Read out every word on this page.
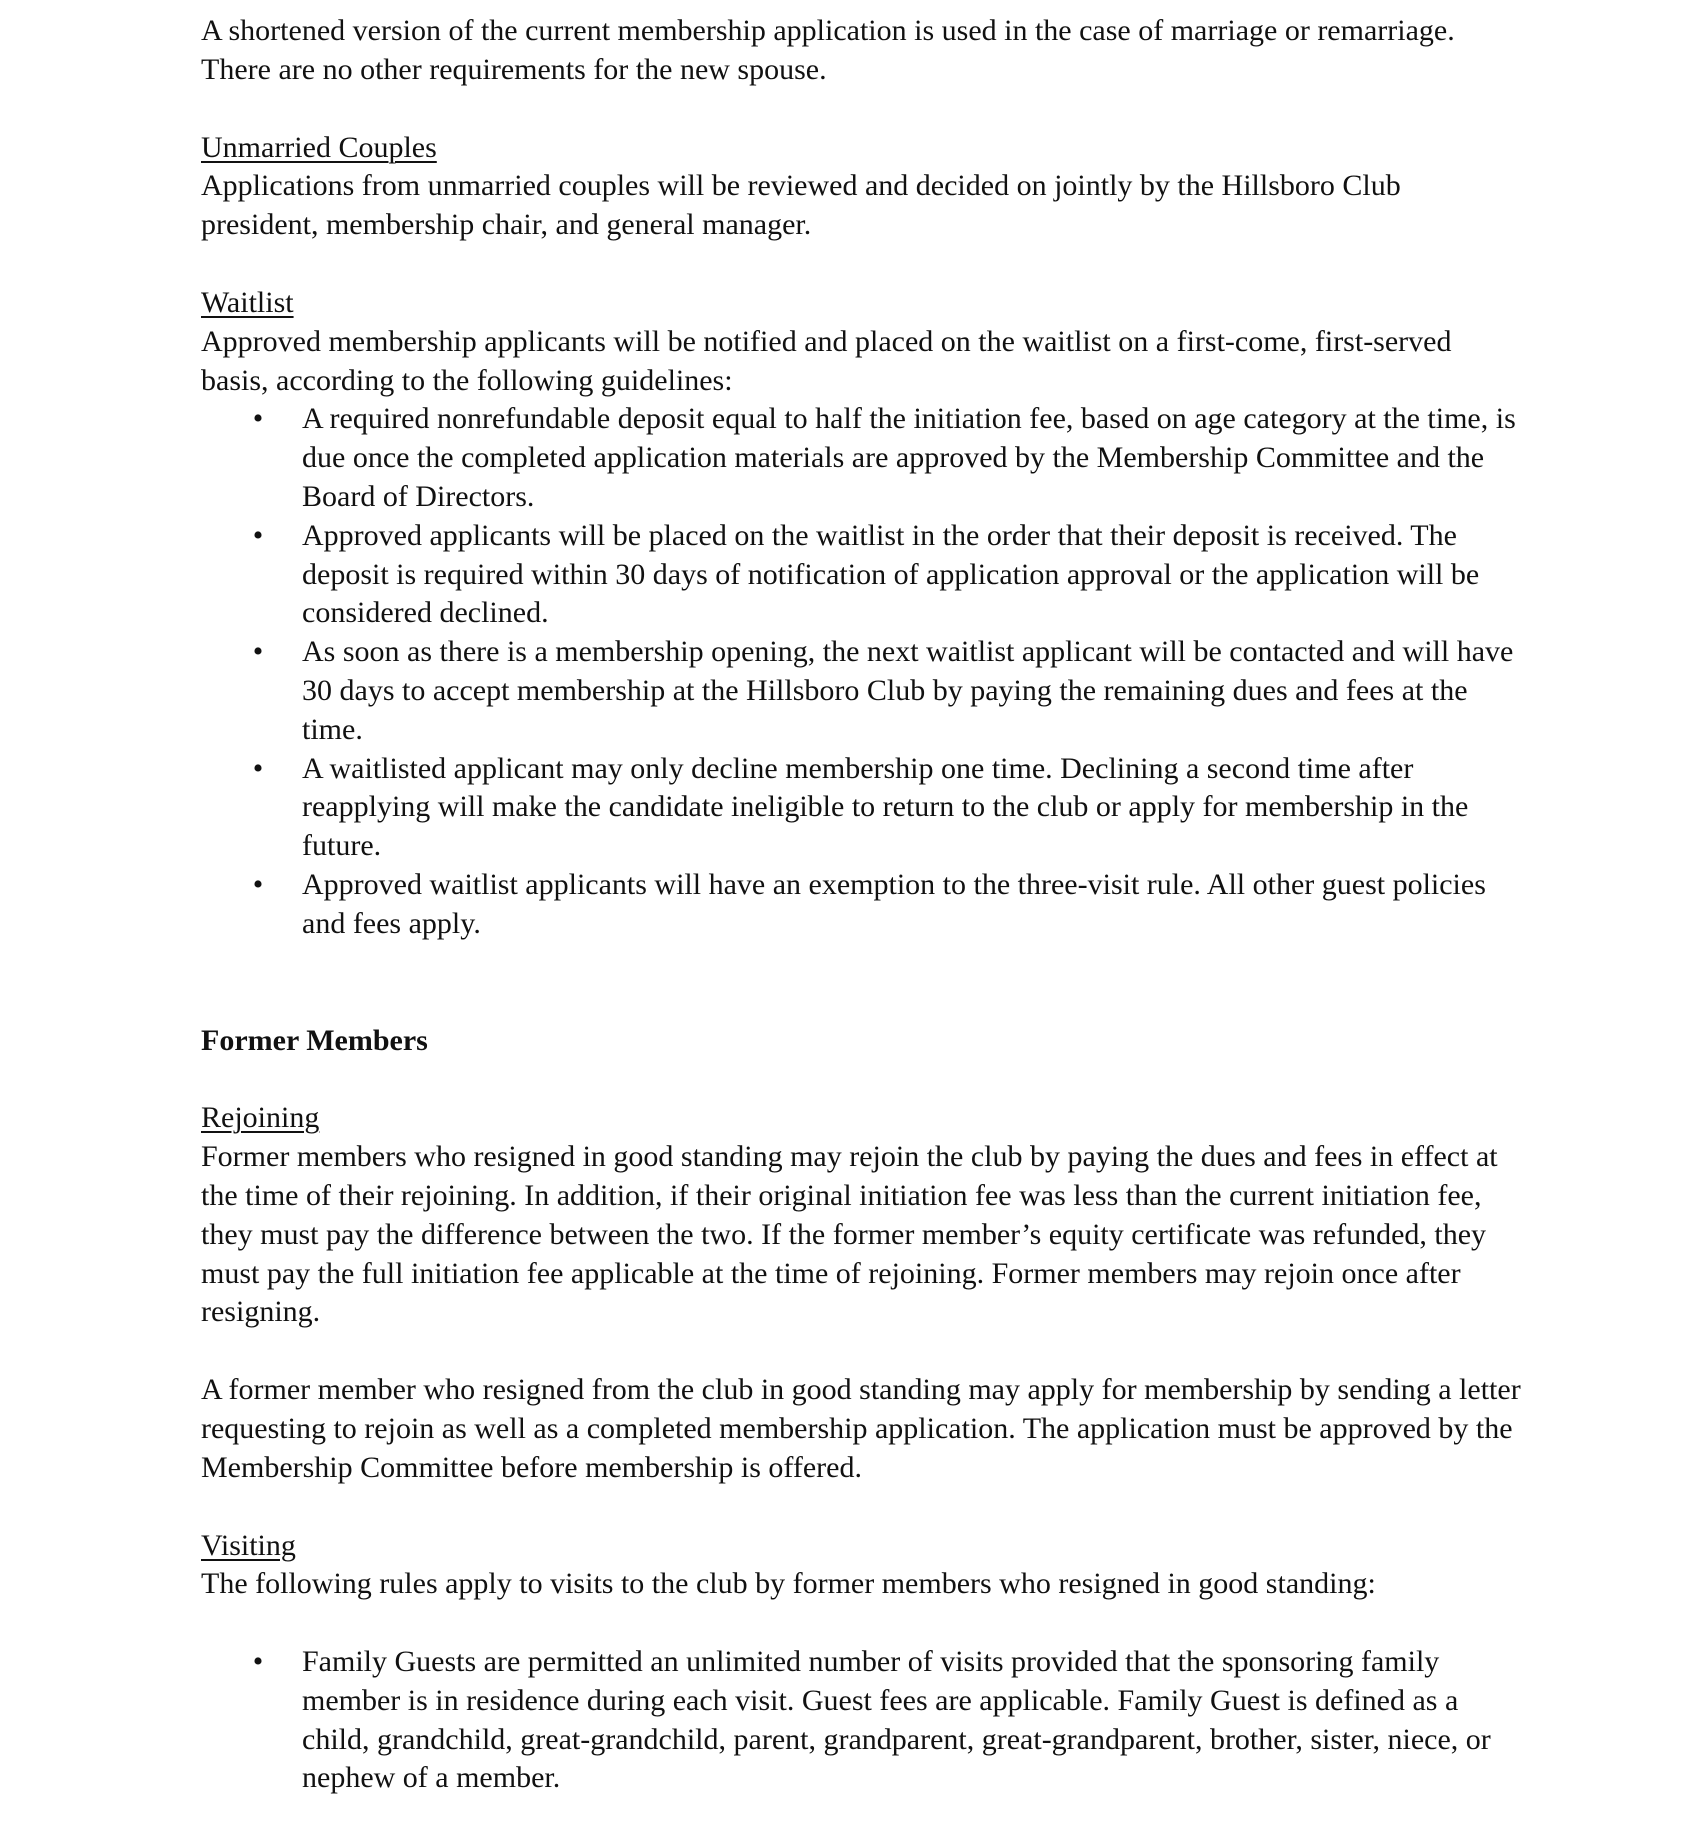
A shortened version of the current membership application is used in the case of marriage or remarriage. There are no other requirements for the new spouse.

Unmarried Couples

Applications from unmarried couples will be reviewed and decided on jointly by the Hillsboro Club president, membership chair, and general manager.

Waitlist

Approved membership applicants will be notified and placed on the waitlist on a first-come, first-served basis, according to the following guidelines:

• A required nonrefundable deposit equal to half the initiation fee, based on age category at the time, is due once the completed application materials are approved by the Membership Committee and the Board of Directors.
• Approved applicants will be placed on the waitlist in the order that their deposit is received. The deposit is required within 30 days of notification of application approval or the application will be considered declined.
• As soon as there is a membership opening, the next waitlist applicant will be contacted and will have 30 days to accept membership at the Hillsboro Club by paying the remaining dues and fees at the time.
• A waitlisted applicant may only decline membership one time. Declining a second time after reapplying will make the candidate ineligible to return to the club or apply for membership in the future.
• Approved waitlist applicants will have an exemption to the three-visit rule. All other guest policies and fees apply.

Former Members

Rejoining

Former members who resigned in good standing may rejoin the club by paying the dues and fees in effect at the time of their rejoining. In addition, if their original initiation fee was less than the current initiation fee, they must pay the difference between the two. If the former member’s equity certificate was refunded, they must pay the full initiation fee applicable at the time of rejoining. Former members may rejoin once after resigning.

A former member who resigned from the club in good standing may apply for membership by sending a letter requesting to rejoin as well as a completed membership application. The application must be approved by the Membership Committee before membership is offered.

Visiting

The following rules apply to visits to the club by former members who resigned in good standing:

• Family Guests are permitted an unlimited number of visits provided that the sponsoring family member is in residence during each visit. Guest fees are applicable. Family Guest is defined as a child, grandchild, great-grandchild, parent, grandparent, great-grandparent, brother, sister, niece, or nephew of a member.
